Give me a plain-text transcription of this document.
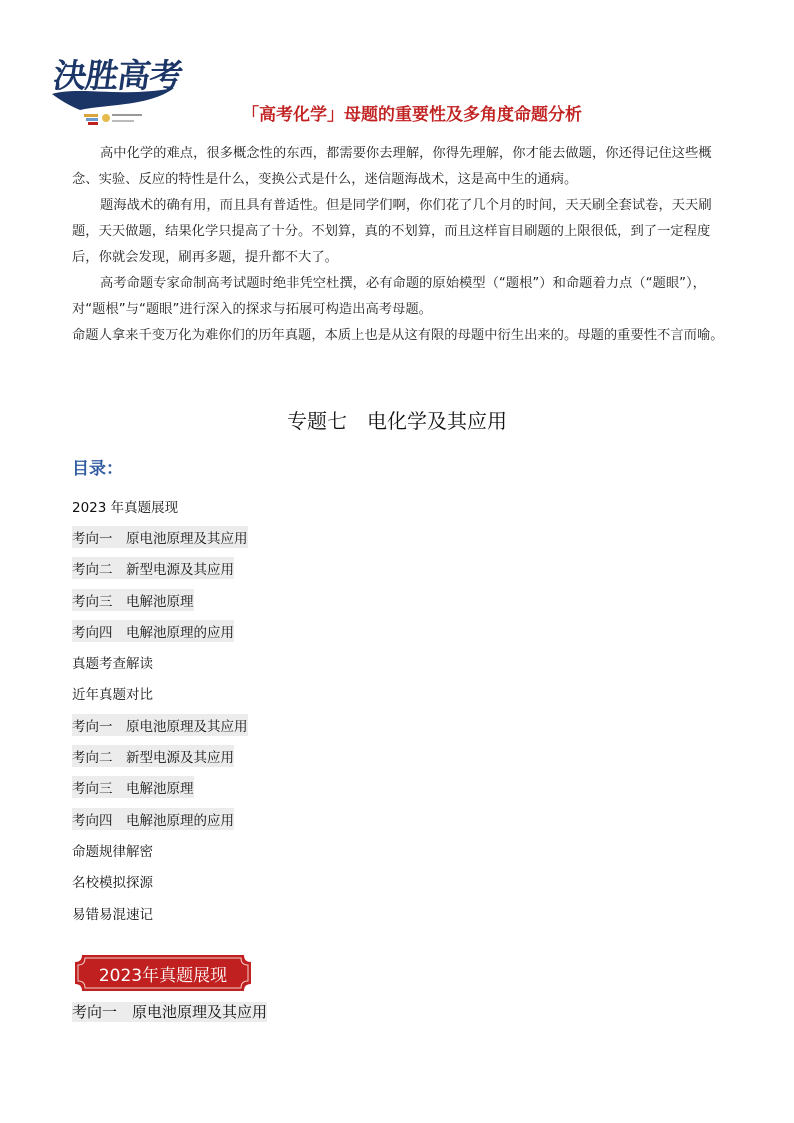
決胜高考
「高考化学」母题的重要性及多角度命题分析

高中化学的难点，很多概念性的东西，都需要你去理解，你得先理解，你才能去做题，你还得记住这些概念、实验、反应的特性是什么，变换公式是什么，迷信题海战术，这是高中生的通病。

题海战术的确有用，而且具有普适性。但是同学们啊，你们花了几个月的时间，天天刷全套试卷，天天刷题，天天做题，结果化学只提高了十分。不划算，真的不划算，而且这样盲目刷题的上限很低，到了一定程度后，你就会发现，刷再多题，提升都不大了。

高考命题专家命制高考试题时绝非凭空杜撰，必有命题的原始模型（“题根”）和命题着力点（“题眼”），对“题根”与“题眼”进行深入的探求与拓展可构造出高考母题。

命题人拿来千变万化为难你们的历年真题，本质上也是从这有限的母题中衍生出来的。母题的重要性不言而喻。

专题七　电化学及其应用
目录：
2023 年真题展现
考向一　原电池原理及其应用
考向二　新型电源及其应用
考向三　电解池原理
考向四　电解池原理的应用
真题考查解读
近年真题对比
考向一　原电池原理及其应用
考向二　新型电源及其应用
考向三　电解池原理
考向四　电解池原理的应用
命题规律解密
名校模拟探源
易错易混速记
2023年真题展现
考向一　原电池原理及其应用
